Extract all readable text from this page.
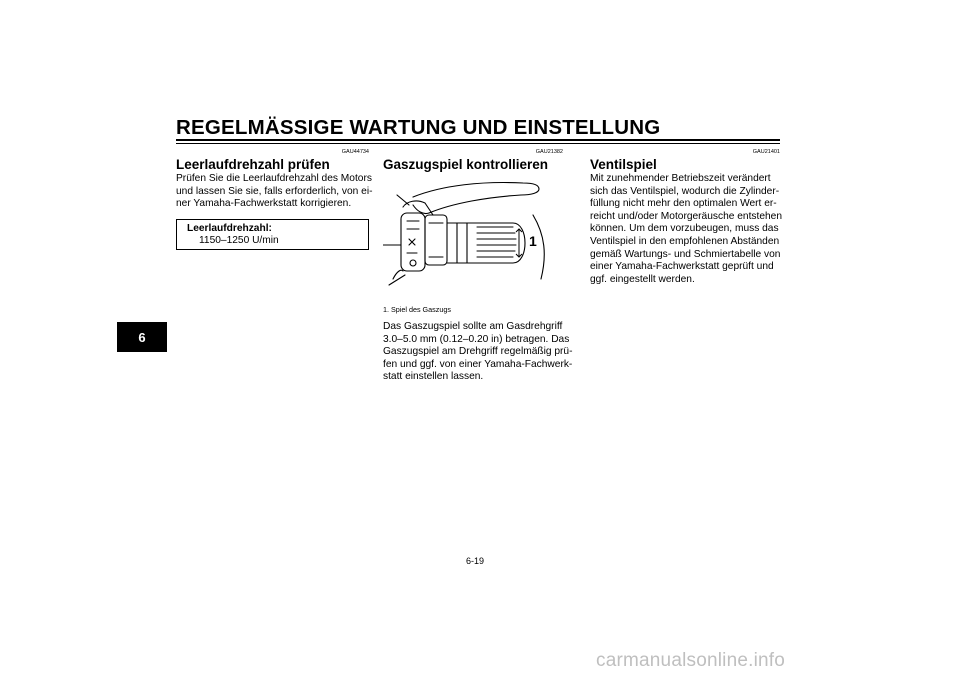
REGELMÄSSIGE WARTUNG UND EINSTELLUNG
6
GAU44734
Leerlaufdrehzahl prüfen
Prüfen Sie die Leerlaufdrehzahl des Motors
und lassen Sie sie, falls erforderlich, von ei-
ner Yamaha-Fachwerkstatt korrigieren.
Leerlaufdrehzahl:
1150–1250 U/min
GAU21382
Gaszugspiel kontrollieren
1
1. Spiel des Gaszugs
Das Gaszugspiel sollte am Gasdrehgriff
3.0–5.0 mm (0.12–0.20 in) betragen. Das
Gaszugspiel am Drehgriff regelmäßig prü-
fen und ggf. von einer Yamaha-Fachwerk-
statt einstellen lassen.
GAU21401
Ventilspiel
Mit zunehmender Betriebszeit verändert
sich das Ventilspiel, wodurch die Zylinder-
füllung nicht mehr den optimalen Wert er-
reicht und/oder Motorgeräusche entstehen
können. Um dem vorzubeugen, muss das
Ventilspiel in den empfohlenen Abständen
gemäß Wartungs- und Schmiertabelle von
einer Yamaha-Fachwerkstatt geprüft und
ggf. eingestellt werden.
6-19
carmanualsonline.info
